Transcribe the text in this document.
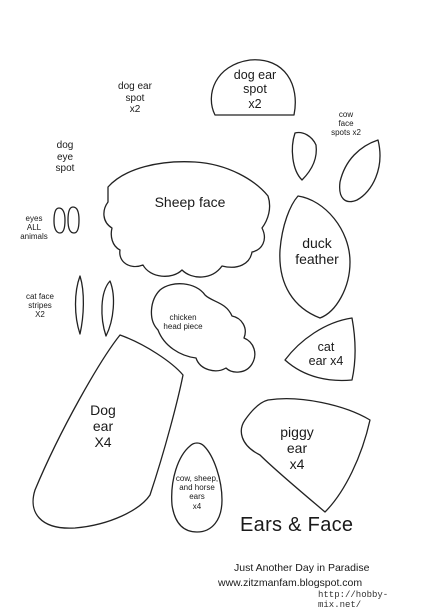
dog ear
spot
x2
dog ear
spot
x2
cow
face
spots x2
dog
eye
spot
Sheep face
eyes
ALL
animals	duck
feather
cat face
stripes
X2	chicken
head piece
cat
ear x4
Dog
ear
X4
piggy
ear
x4
cow, sheep,
and horse
ears
x4
Ears & Face
Just Another Day in Paradise
www.zitzmanfam.blogspot.com
http://hobby-mix.net/
